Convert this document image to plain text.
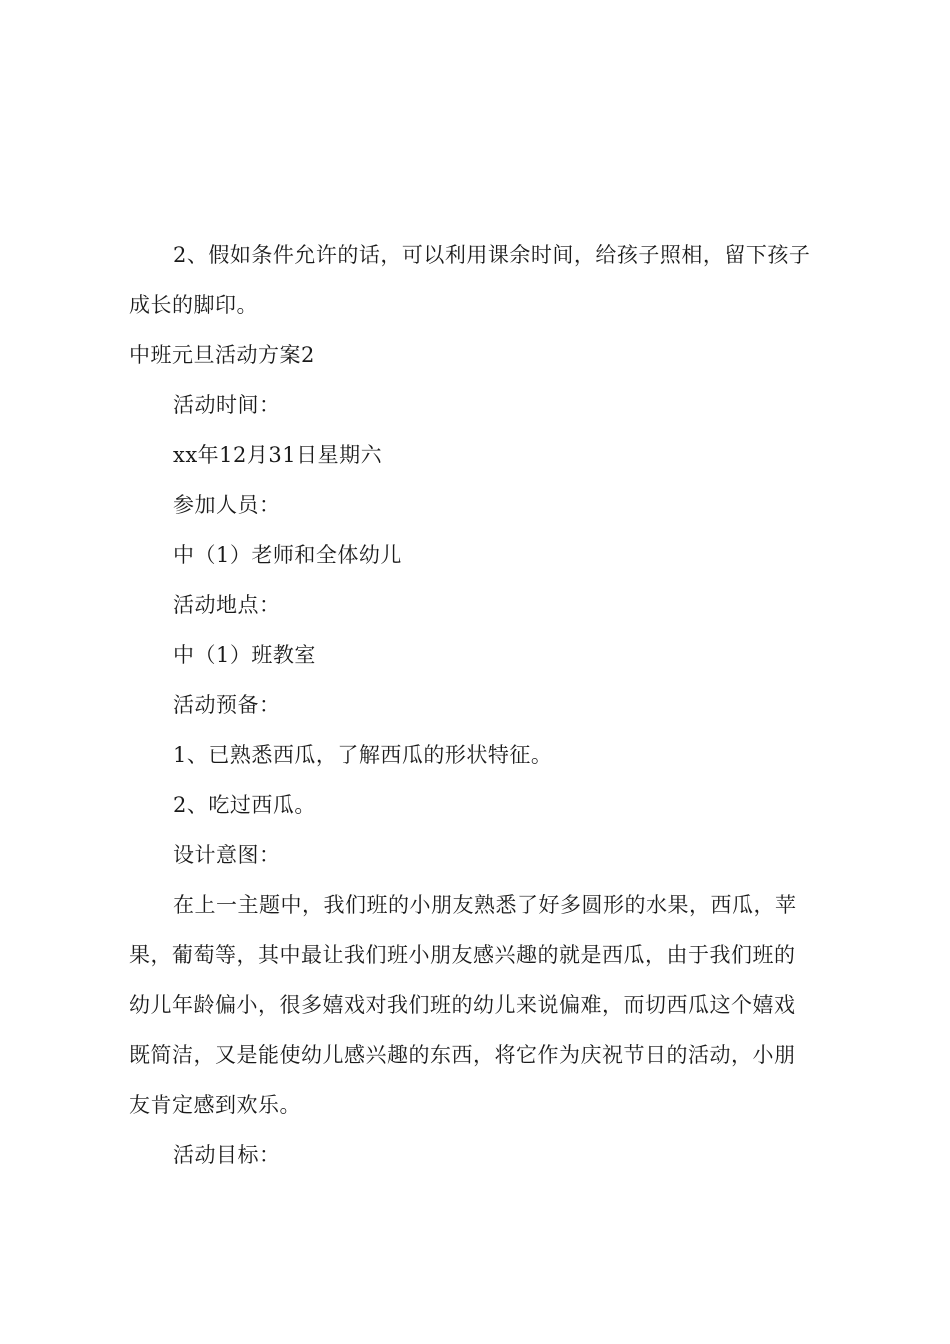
2、假如条件允许的话，可以利用课余时间，给孩子照相，留下孩子
成长的脚印。
中班元旦活动方案2
活动时间：
xx年12月31日星期六
参加人员：
中（1）老师和全体幼儿
活动地点：
中（1）班教室
活动预备：
1、已熟悉西瓜，了解西瓜的形状特征。
2、吃过西瓜。
设计意图：
在上一主题中，我们班的小朋友熟悉了好多圆形的水果，西瓜，苹
果，葡萄等，其中最让我们班小朋友感兴趣的就是西瓜，由于我们班的
幼儿年龄偏小，很多嬉戏对我们班的幼儿来说偏难，而切西瓜这个嬉戏
既简洁，又是能使幼儿感兴趣的东西，将它作为庆祝节日的活动，小朋
友肯定感到欢乐。
活动目标：
